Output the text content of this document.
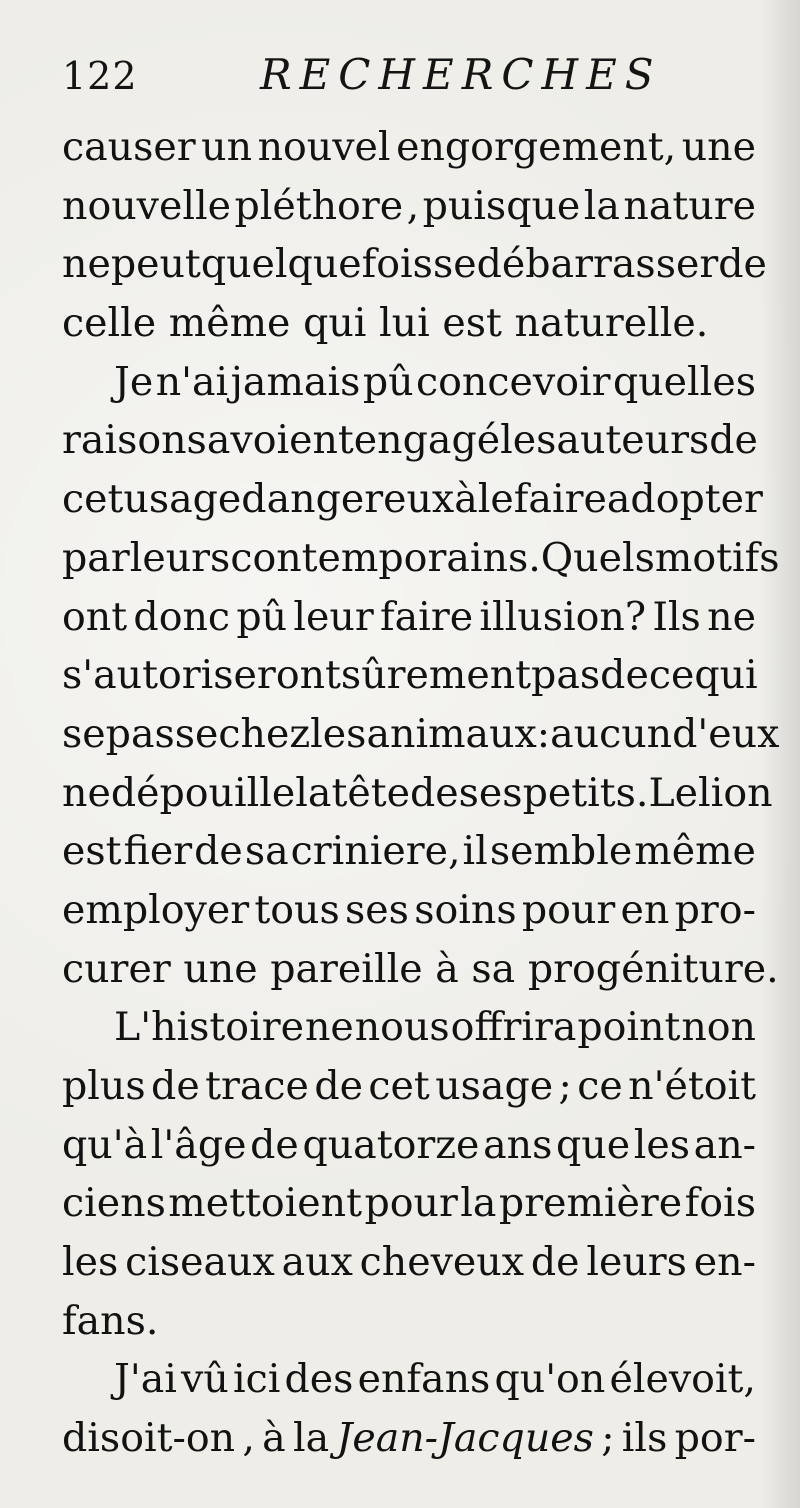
122	RECHERCHES
causer un nouvel engorgement, une
nouvelle pléthore , puisque la nature
ne peut quelquefois se débarrasser de
celle même qui lui est naturelle.
Je n'ai jamais pû concevoir quelles
raisons avoient engagé les auteurs de
cet usage dangereux à le faire adopter
par leurs contemporains. Quels motifs
ont donc pû leur faire illusion? Ils ne
s'autoriseront sûrement pas de ce qui
se passe chez les animaux: aucun d'eux
ne dépouille la tête de ses petits. Le lion
est fier de sa criniere, il semble même
employer tous ses soins pour en pro-
curer une pareille à sa progéniture.
L'histoire ne nous offrira point non
plus de trace de cet usage ; ce n'étoit
qu'à l'âge de quatorze ans que les an-
ciens mettoient pour la première fois
les ciseaux aux cheveux de leurs en-
fans.
J'ai vû ici des enfans qu'on élevoit,
disoit-on , à la Jean-Jacques ; ils por-
